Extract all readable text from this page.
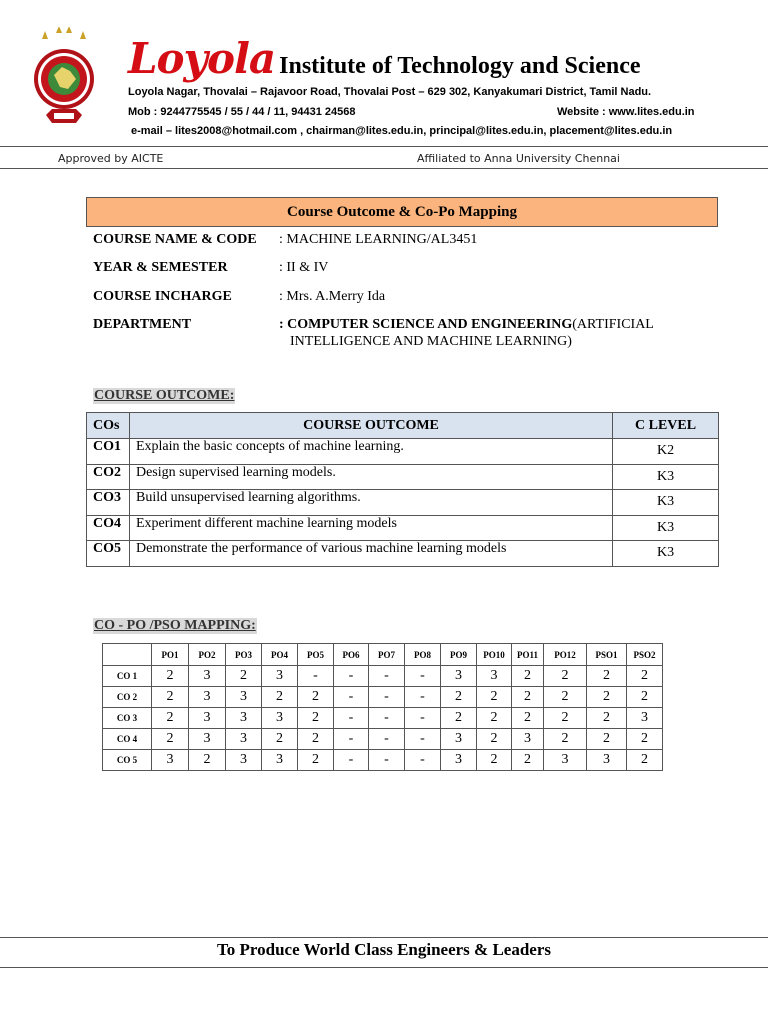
Loyola Institute of Technology and Science
Loyola Nagar, Thovalai – Rajavoor Road, Thovalai Post – 629 302, Kanyakumari District, Tamil Nadu.
Mob : 9244775545 / 55 / 44 / 11, 94431 24568	Website : www.lites.edu.in
e-mail – lites2008@hotmail.com , chairman@lites.edu.in, principal@lites.edu.in, placement@lites.edu.in
Approved by AICTE	Affiliated to Anna University Chennai
Course Outcome & Co-Po Mapping
COURSE NAME & CODE : MACHINE LEARNING/AL3451
YEAR & SEMESTER	: II & IV
COURSE INCHARGE	: Mrs. A.Merry Ida
DEPARTMENT	: COMPUTER SCIENCE AND ENGINEERING(ARTIFICIAL
INTELLIGENCE AND MACHINE LEARNING)
COURSE OUTCOME:
COs	COURSE OUTCOME	C LEVEL
CO1	Explain the basic concepts of machine learning.	K2
CO2	Design supervised learning models.	K3
CO3	Build unsupervised learning algorithms.	K3
CO4	Experiment different machine learning models	K3
CO5	Demonstrate the performance of various machine learning models	K3
CO - PO /PSO MAPPING:
	PO1	PO2	PO3	PO4	PO5	PO6	PO7	PO8	PO9	PO10	PO11	PO12	PSO1	PSO2
CO 1	2	3	2	3	-	-	-	-	3	3	2	2	2	2
CO 2	2	3	3	2	2	-	-	-	2	2	2	2	2	2
CO 3	2	3	3	3	2	-	-	-	2	2	2	2	2	3
CO 4	2	3	3	2	2	-	-	-	3	2	3	2	2	2
CO 5	3	2	3	3	2	-	-	-	3	2	2	3	3	2
To Produce World Class Engineers & Leaders
